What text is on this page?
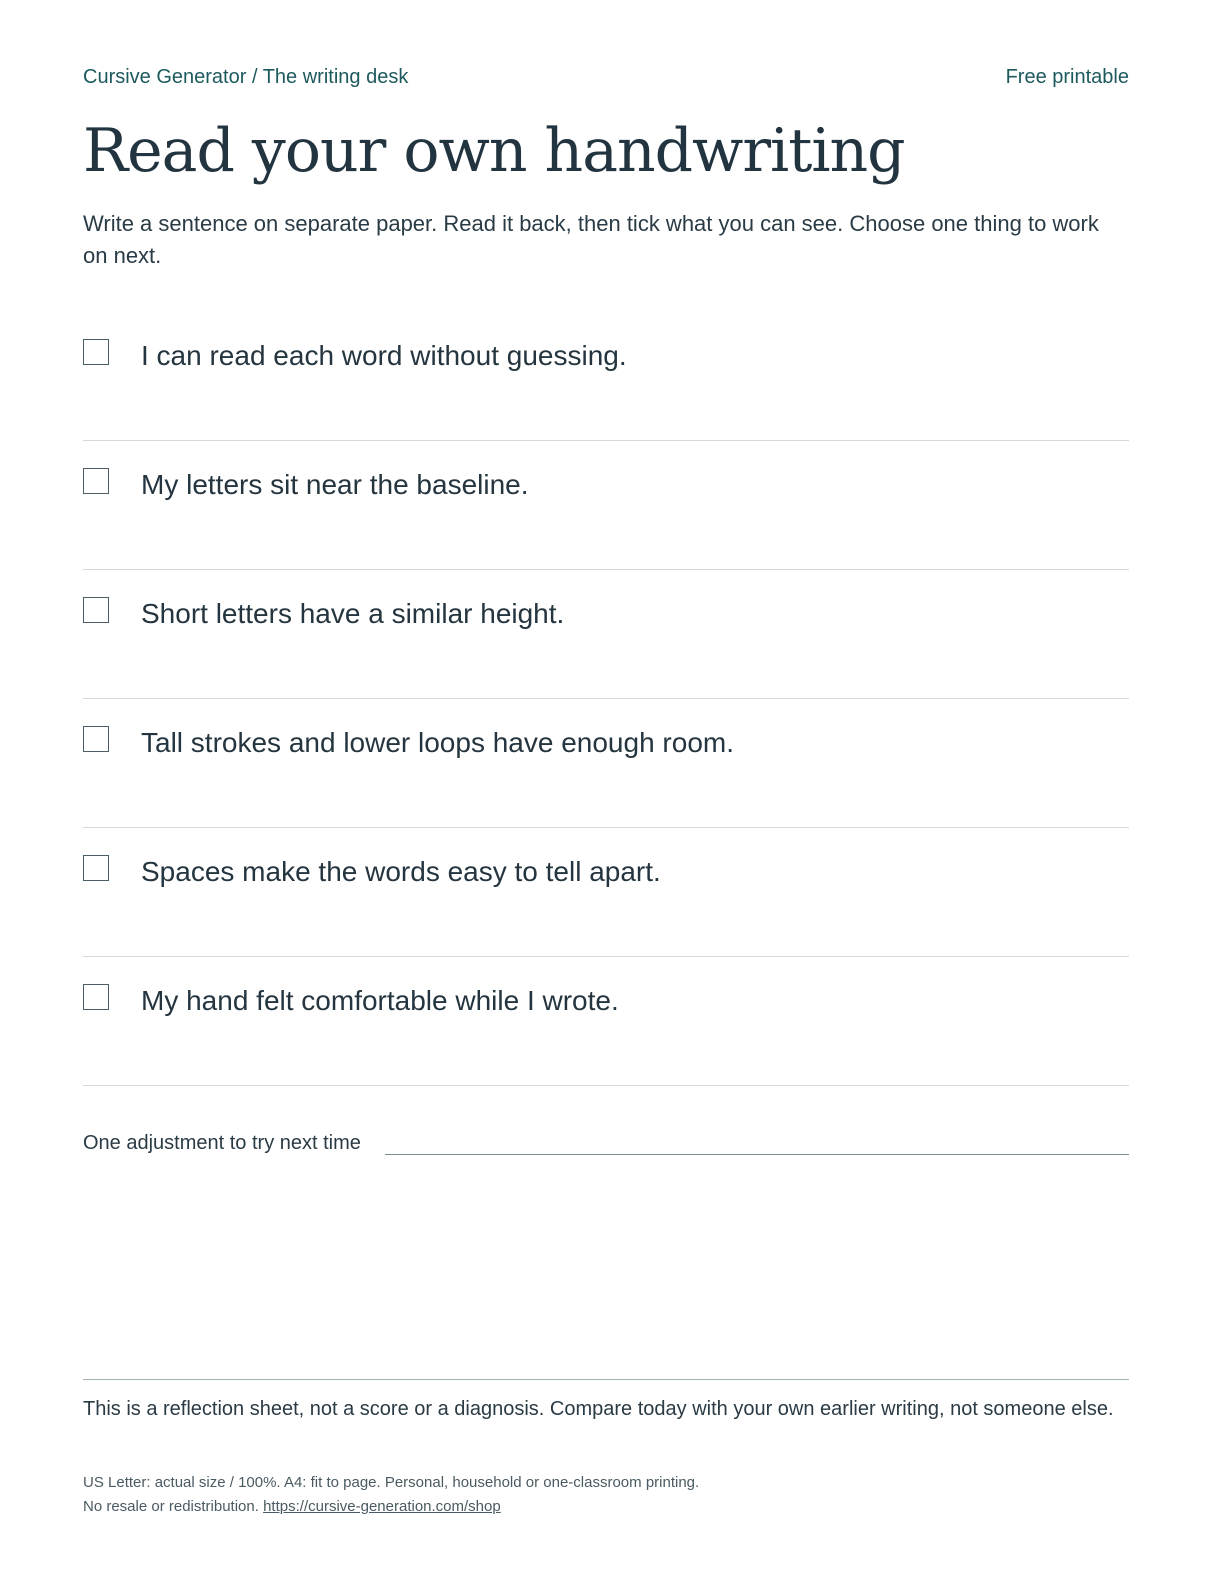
Cursive Generator / The writing desk	Free printable
Read your own handwriting

Write a sentence on separate paper. Read it back, then tick what you can see. Choose one thing to work on next.

I can read each word without guessing.
My letters sit near the baseline.
Short letters have a similar height.
Tall strokes and lower loops have enough room.
Spaces make the words easy to tell apart.
My hand felt comfortable while I wrote.
One adjustment to try next time

This is a reflection sheet, not a score or a diagnosis. Compare today with your own earlier writing, not someone else.

US Letter: actual size / 100%. A4: fit to page. Personal, household or one-classroom printing.
No resale or redistribution. https://cursive-generation.com/shop
